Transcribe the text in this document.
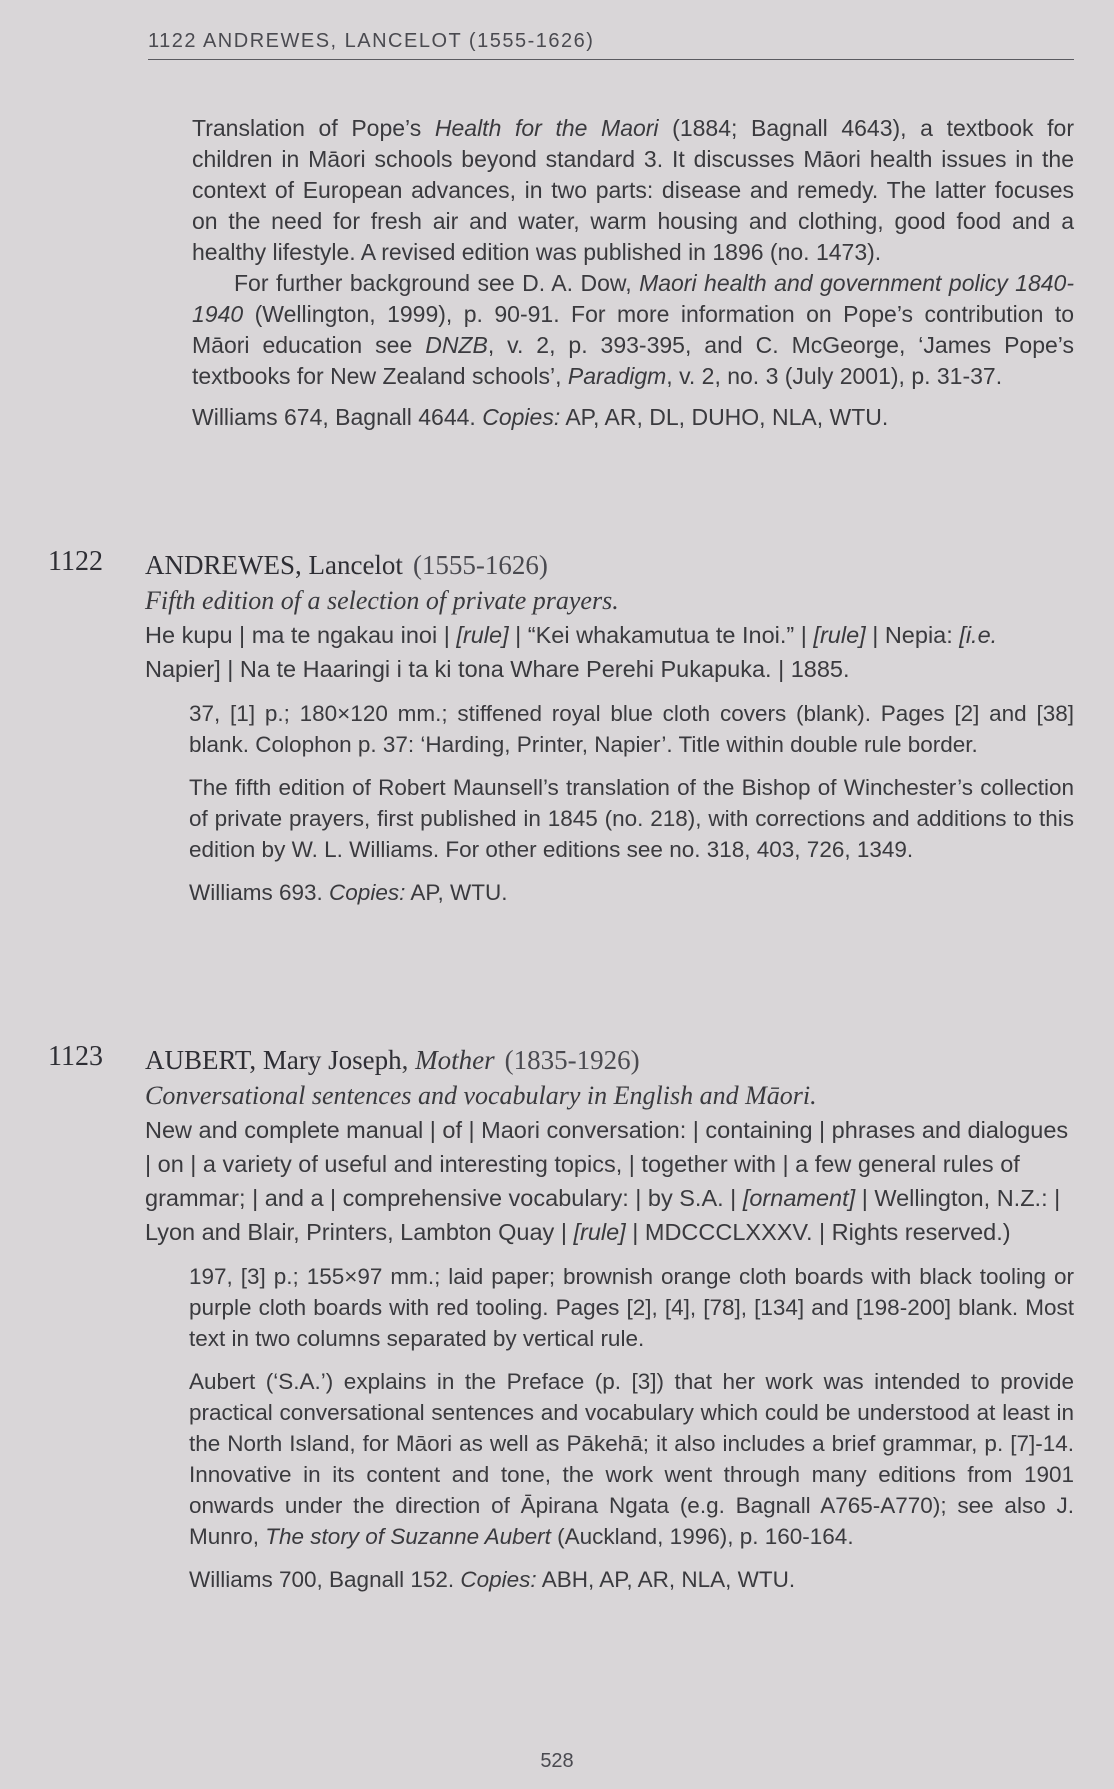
1122 ANDREWES, LANCELOT (1555-1626)

Translation of Pope’s Health for the Maori (1884; Bagnall 4643), a textbook for children in Māori schools beyond standard 3. It discusses Māori health issues in the context of European advances, in two parts: disease and remedy. The latter focuses on the need for fresh air and water, warm housing and clothing, good food and a healthy lifestyle. A revised edition was published in 1896 (no. 1473).

For further background see D. A. Dow, Maori health and government policy 1840-1940 (Wellington, 1999), p. 90-91. For more information on Pope’s contribution to Māori education see DNZB, v. 2, p. 393-395, and C. McGeorge, ‘James Pope’s textbooks for New Zealand schools’, Paradigm, v. 2, no. 3 (July 2001), p. 31-37.

Williams 674, Bagnall 4644. Copies: AP, AR, DL, DUHO, NLA, WTU.

1122 ANDREWES, Lancelot (1555-1626)
Fifth edition of a selection of private prayers.
He kupu | ma te ngakau inoi | [rule] | “Kei whakamutua te Inoi.” | [rule] | Nepia: [i.e. Napier] | Na te Haaringi i ta ki tona Whare Perehi Pukapuka. | 1885.

37, [1] p.; 180×120 mm.; stiffened royal blue cloth covers (blank). Pages [2] and [38] blank. Colophon p. 37: ‘Harding, Printer, Napier’. Title within double rule border.

The fifth edition of Robert Maunsell’s translation of the Bishop of Winchester’s collection of private prayers, first published in 1845 (no. 218), with corrections and additions to this edition by W. L. Williams. For other editions see no. 318, 403, 726, 1349.

Williams 693. Copies: AP, WTU.

1123 AUBERT, Mary Joseph, Mother (1835-1926)
Conversational sentences and vocabulary in English and Māori.
New and complete manual | of | Maori conversation: | containing | phrases and dialogues | on | a variety of useful and interesting topics, | together with | a few general rules of grammar; | and a | comprehensive vocabulary: | by S.A. | [ornament] | Wellington, N.Z.: | Lyon and Blair, Printers, Lambton Quay | [rule] | MDCCCLXXXV. | Rights reserved.)

197, [3] p.; 155×97 mm.; laid paper; brownish orange cloth boards with black tooling or purple cloth boards with red tooling. Pages [2], [4], [78], [134] and [198-200] blank. Most text in two columns separated by vertical rule.

Aubert (‘S.A.’) explains in the Preface (p. [3]) that her work was intended to provide practical conversational sentences and vocabulary which could be understood at least in the North Island, for Māori as well as Pākehā; it also includes a brief grammar, p. [7]-14. Innovative in its content and tone, the work went through many editions from 1901 onwards under the direction of Āpirana Ngata (e.g. Bagnall A765-A770); see also J. Munro, The story of Suzanne Aubert (Auckland, 1996), p. 160-164.

Williams 700, Bagnall 152. Copies: ABH, AP, AR, NLA, WTU.

528
